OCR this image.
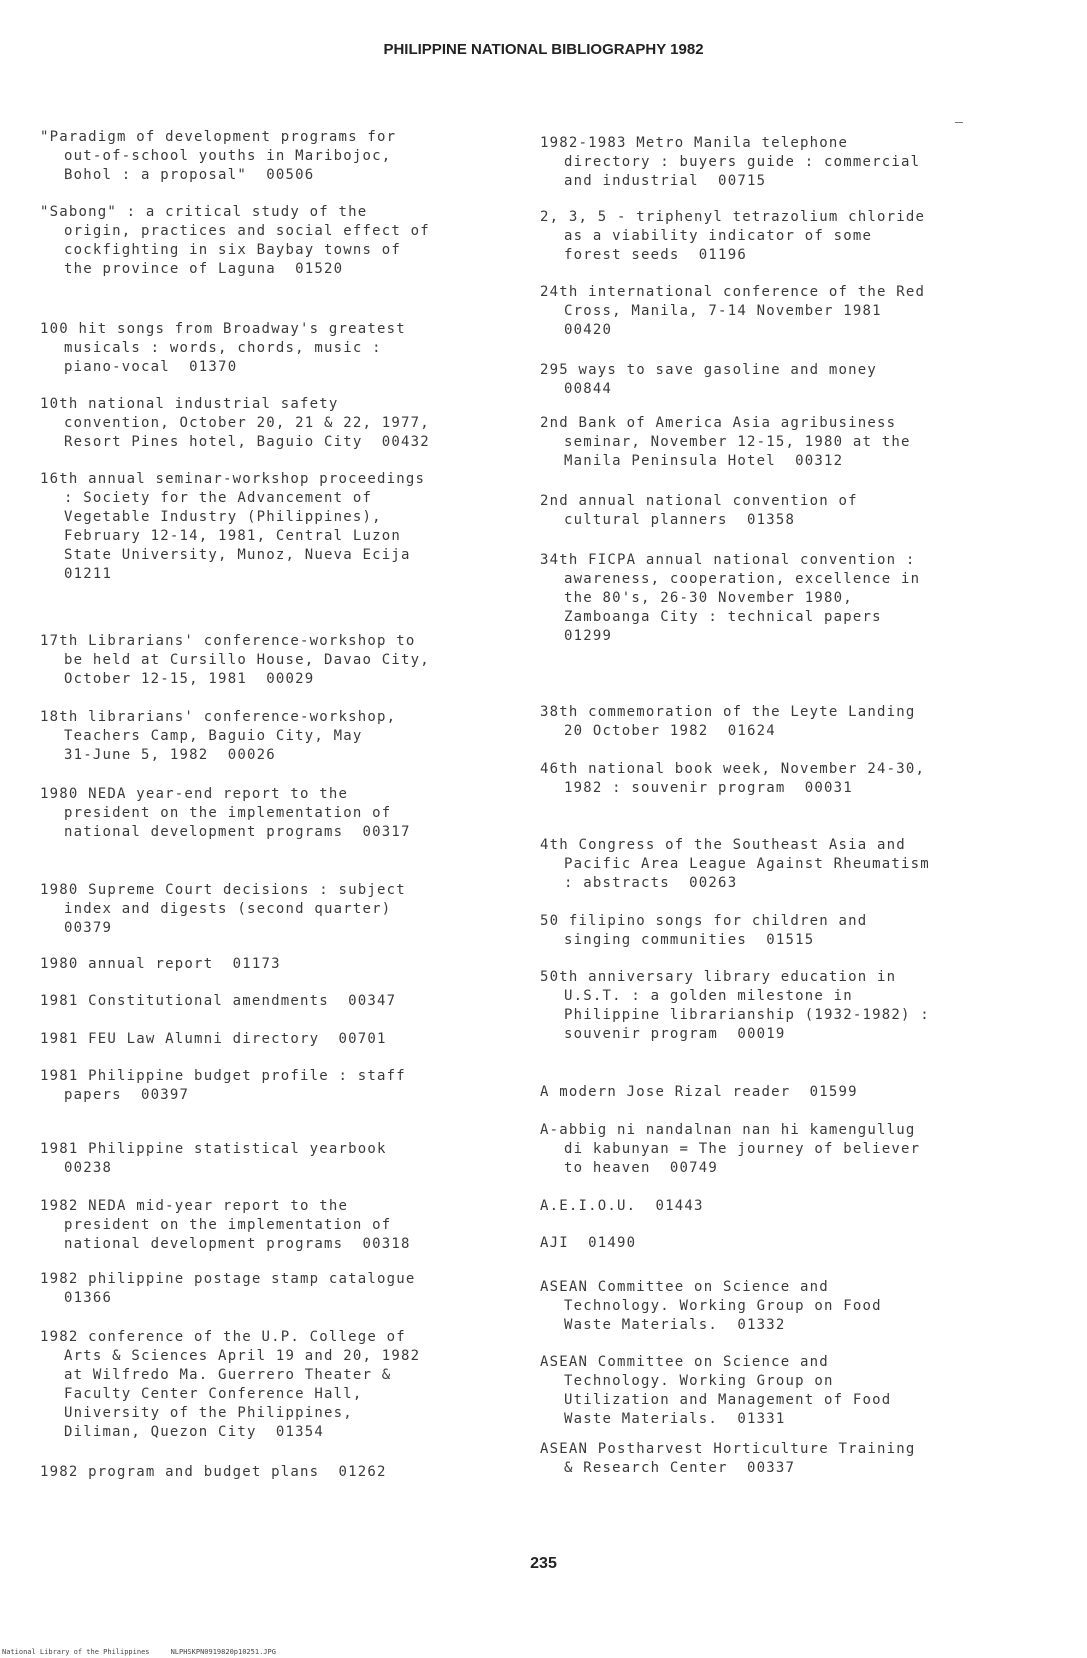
PHILIPPINE NATIONAL BIBLIOGRAPHY 1982
"Paradigm of development programs for
out-of-school youths in Maribojoc,
Bohol : a proposal"  00506
"Sabong" : a critical study of the
origin, practices and social effect of
cockfighting in six Baybay towns of
the province of Laguna  01520
100 hit songs from Broadway's greatest
musicals : words, chords, music :
piano-vocal  01370
10th national industrial safety
convention, October 20, 21 & 22, 1977,
Resort Pines hotel, Baguio City  00432
16th annual seminar-workshop proceedings
: Society for the Advancement of
Vegetable Industry (Philippines),
February 12-14, 1981, Central Luzon
State University, Munoz, Nueva Ecija
01211
17th Librarians' conference-workshop to
be held at Cursillo House, Davao City,
October 12-15, 1981  00029
18th librarians' conference-workshop,
Teachers Camp, Baguio City, May
31-June 5, 1982  00026
1980 NEDA year-end report to the
president on the implementation of
national development programs  00317
1980 Supreme Court decisions : subject
index and digests (second quarter)
00379
1980 annual report  01173
1981 Constitutional amendments  00347
1981 FEU Law Alumni directory  00701
1981 Philippine budget profile : staff
papers  00397
1981 Philippine statistical yearbook
00238
1982 NEDA mid-year report to the
president on the implementation of
national development programs  00318
1982 philippine postage stamp catalogue
01366
1982 conference of the U.P. College of
Arts & Sciences April 19 and 20, 1982
at Wilfredo Ma. Guerrero Theater &
Faculty Center Conference Hall,
University of the Philippines,
Diliman, Quezon City  01354
1982 program and budget plans  01262
1982-1983 Metro Manila telephone
directory : buyers guide : commercial
and industrial  00715
2, 3, 5 - triphenyl tetrazolium chloride
as a viability indicator of some
forest seeds  01196
24th international conference of the Red
Cross, Manila, 7-14 November 1981
00420
295 ways to save gasoline and money
00844
2nd Bank of America Asia agribusiness
seminar, November 12-15, 1980 at the
Manila Peninsula Hotel  00312
2nd annual national convention of
cultural planners  01358
34th FICPA annual national convention :
awareness, cooperation, excellence in
the 80's, 26-30 November 1980,
Zamboanga City : technical papers
01299
38th commemoration of the Leyte Landing
20 October 1982  01624
46th national book week, November 24-30,
1982 : souvenir program  00031
4th Congress of the Southeast Asia and
Pacific Area League Against Rheumatism
: abstracts  00263
50 filipino songs for children and
singing communities  01515
50th anniversary library education in
U.S.T. : a golden milestone in
Philippine librarianship (1932-1982) :
souvenir program  00019
A modern Jose Rizal reader  01599
A-abbig ni nandalnan nan hi kamengullug
di kabunyan = The journey of believer
to heaven  00749
A.E.I.O.U.  01443
AJI  01490
ASEAN Committee on Science and
Technology. Working Group on Food
Waste Materials.  01332
ASEAN Committee on Science and
Technology. Working Group on
Utilization and Management of Food
Waste Materials.  01331
ASEAN Postharvest Horticulture Training
& Research Center  00337
235
National Library of the Philippines     NLPHSKPN0919820p10251.JPG
